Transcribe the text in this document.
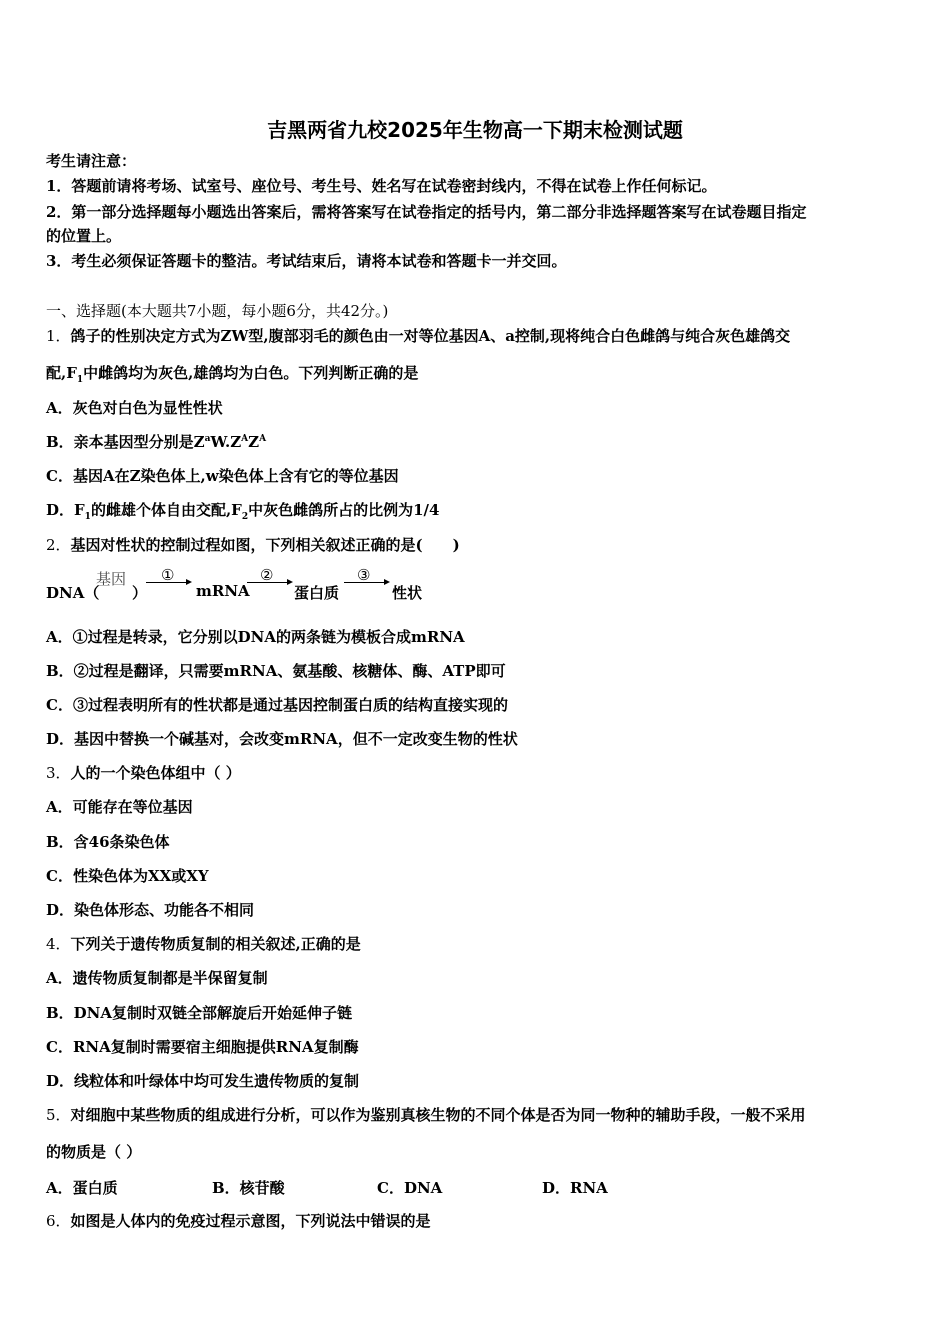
吉黑两省九校2025年生物高一下期末检测试题
考生请注意：
1．答题前请将考场、试室号、座位号、考生号、姓名写在试卷密封线内，不得在试卷上作任何标记。
2．第一部分选择题每小题选出答案后，需将答案写在试卷指定的括号内，第二部分非选择题答案写在试卷题目指定
的位置上。
3．考生必须保证答题卡的整洁。考试结束后，请将本试卷和答题卡一并交回。
一、选择题(本大题共7小题，每小题6分，共42分。)
1．鸽子的性别决定方式为ZW型,腹部羽毛的颜色由一对等位基因A、a控制,现将纯合白色雌鸽与纯合灰色雄鸽交
配$,F_1$中雌鸽均为灰色,雄鸽均为白色。下列判断正确的是
A．灰色对白色为显性性状
B．亲本基因型分别是$Z^aW.Z^AZ^A$
C．基因A在Z染色体上,w染色体上含有它的等位基因
D．$F_1$的雌雄个体自由交配$,F_2$中灰色雌鸽所占的比例为1/4
2．基因对性状的控制过程如图，下列相关叙述正确的是(　　)
DNA（
基因
）
①
mRNA
②
蛋白质
③
性状
A．①过程是转录，它分别以DNA的两条链为模板合成mRNA
B．②过程是翻译，只需要mRNA、氨基酸、核糖体、酶、ATP即可
C．③过程表明所有的性状都是通过基因控制蛋白质的结构直接实现的
D．基因中替换一个碱基对，会改变mRNA，但不一定改变生物的性状
3．人的一个染色体组中（ ）
A．可能存在等位基因
B．含46条染色体
C．性染色体为XX或XY
D．染色体形态、功能各不相同
4．下列关于遗传物质复制的相关叙述,正确的是
A．遗传物质复制都是半保留复制
B．DNA复制时双链全部解旋后开始延伸子链
C．RNA复制时需要宿主细胞提供RNA复制酶
D．线粒体和叶绿体中均可发生遗传物质的复制
5．对细胞中某些物质的组成进行分析，可以作为鉴别真核生物的不同个体是否为同一物种的辅助手段，一般不采用
的物质是（ ）
A．蛋白质	B．核苷酸	C．DNA	D．RNA
6．如图是人体内的免疫过程示意图，下列说法中错误的是
